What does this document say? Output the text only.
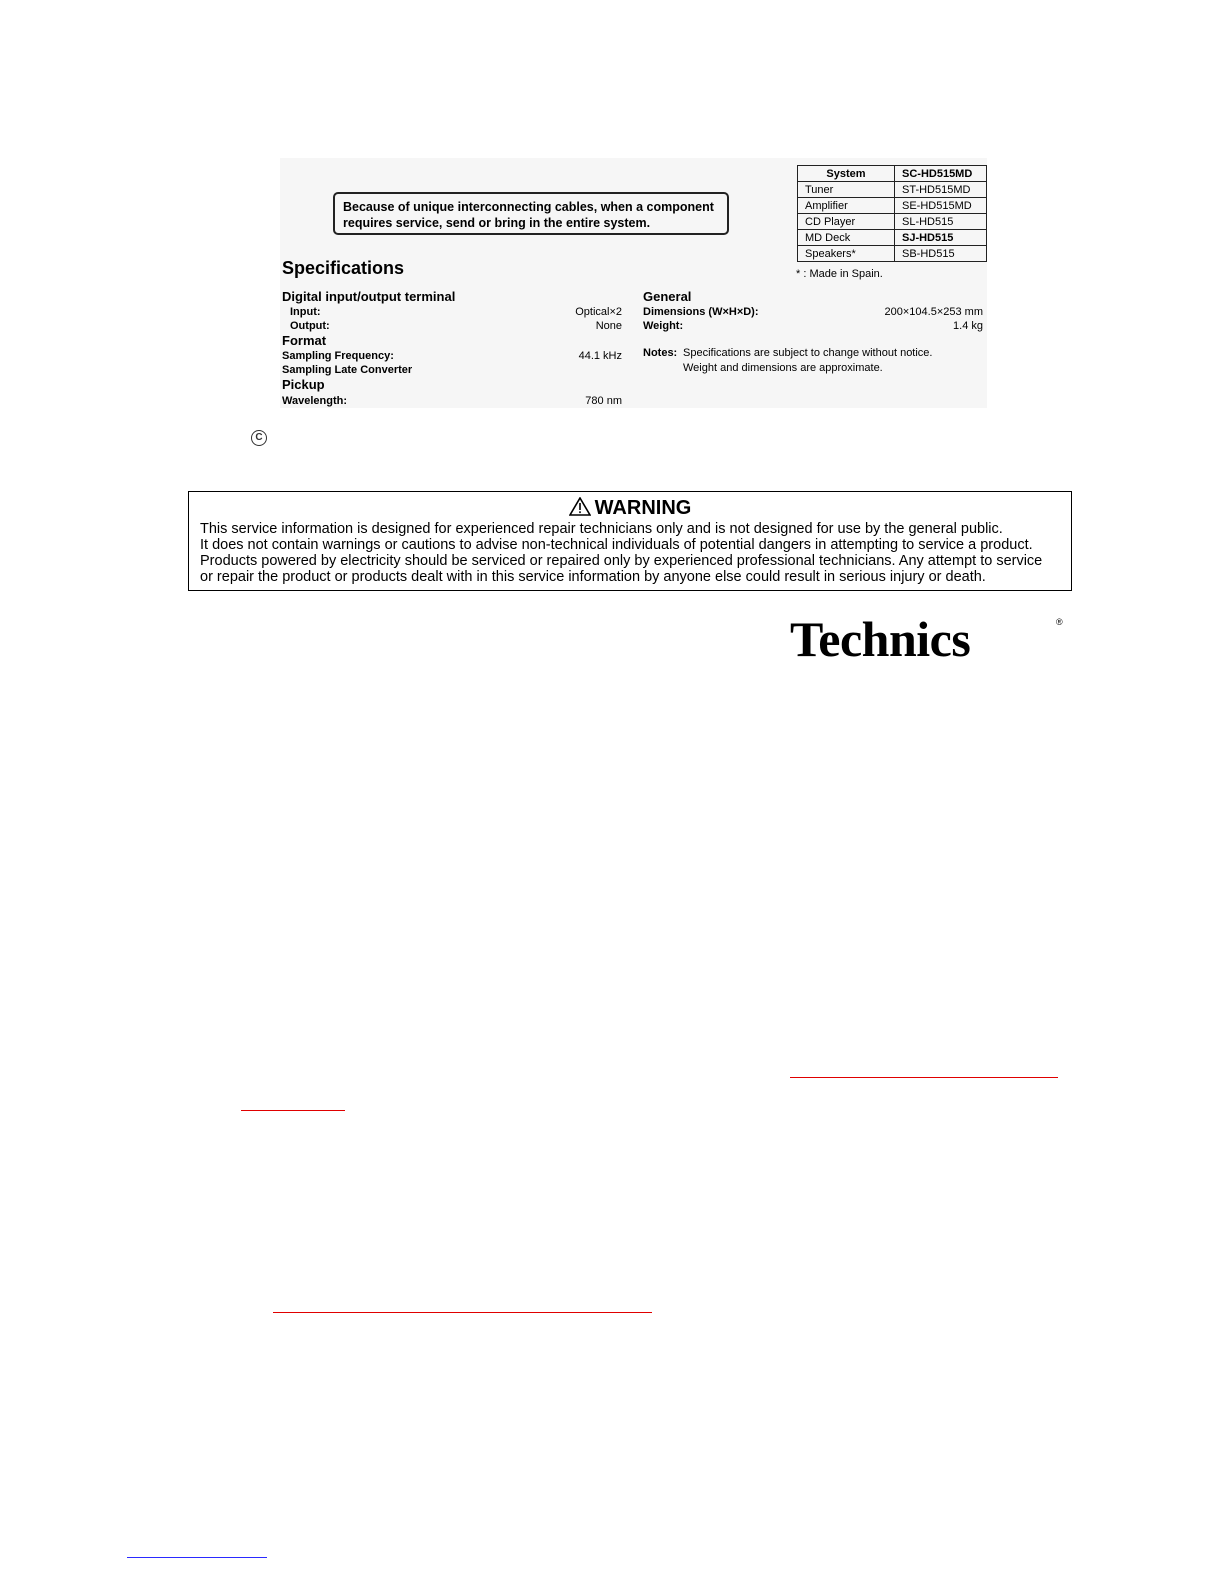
Because of unique interconnecting cables, when a component
requires service, send or bring in the entire system.
System	SC-HD515MD
Tuner	ST-HD515MD
Amplifier	SE-HD515MD
CD Player	SL-HD515
MD Deck	SJ-HD515
Speakers*	SB-HD515
* : Made in Spain.
Specifications
Digital input/output terminal
Input:	Optical×2
Output:	None
Format
Sampling Frequency:	44.1 kHz
Sampling Late Converter
Pickup
Wavelength:	780 nm
General
Dimensions (W×H×D):	200×104.5×253 mm
Weight:	1.4 kg
Notes: Specifications are subject to change without notice.
Weight and dimensions are approximate.
C
WARNING
This service information is designed for experienced repair technicians only and is not designed for use by the general public.
It does not contain warnings or cautions to advise non-technical individuals of potential dangers in attempting to service a product.
Products powered by electricity should be serviced or repaired only by experienced professional technicians. Any attempt to service
or repair the product or products dealt with in this service information by anyone else could result in serious injury or death.
Technics	®
